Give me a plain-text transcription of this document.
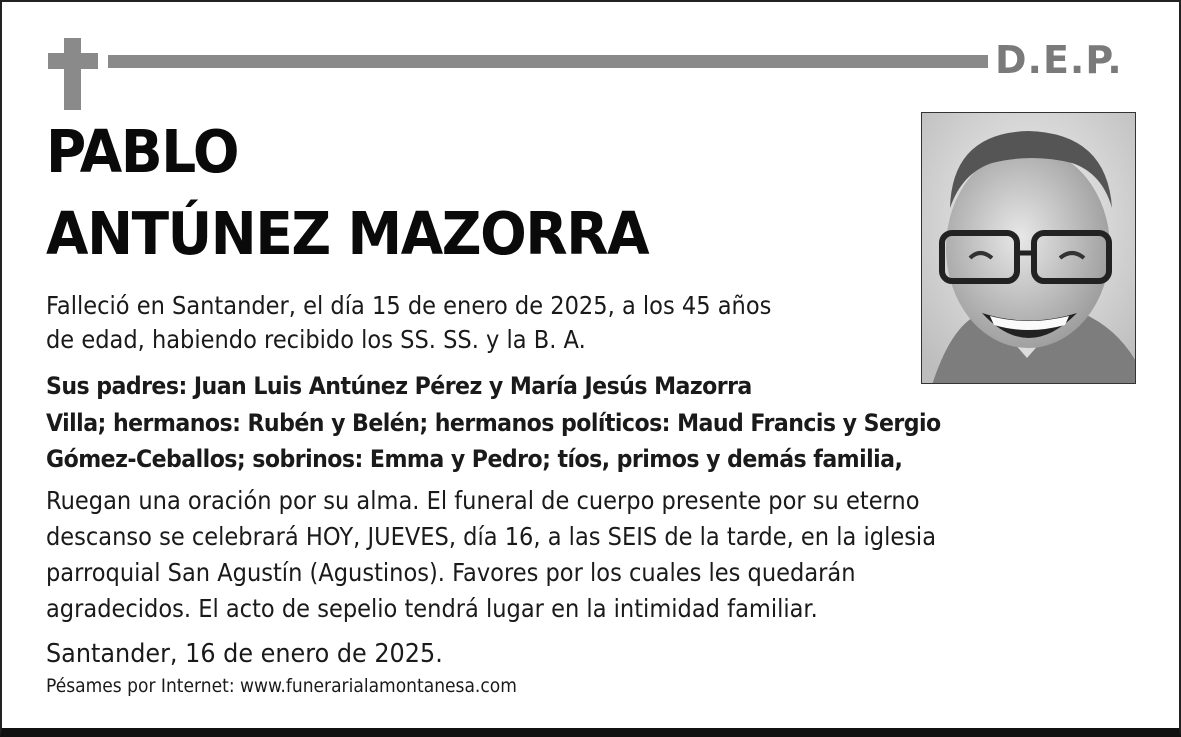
D.E.P.
PABLO
ANTÚNEZ MAZORRA
Falleció en Santander, el día 15 de enero de 2025, a los 45 años
de edad, habiendo recibido los SS. SS. y la B. A.
Sus padres: Juan Luis Antúnez Pérez y María Jesús Mazorra
Villa; hermanos: Rubén y Belén; hermanos políticos: Maud Francis y Sergio
Gómez-Ceballos; sobrinos: Emma y Pedro; tíos, primos y demás familia,
Ruegan una oración por su alma. El funeral de cuerpo presente por su eterno
descanso se celebrará HOY, JUEVES, día 16, a las SEIS de la tarde, en la iglesia
parroquial San Agustín (Agustinos). Favores por los cuales les quedarán
agradecidos. El acto de sepelio tendrá lugar en la intimidad familiar.
Santander, 16 de enero de 2025.
Pésames por Internet: www.funerarialamontanesa.com
